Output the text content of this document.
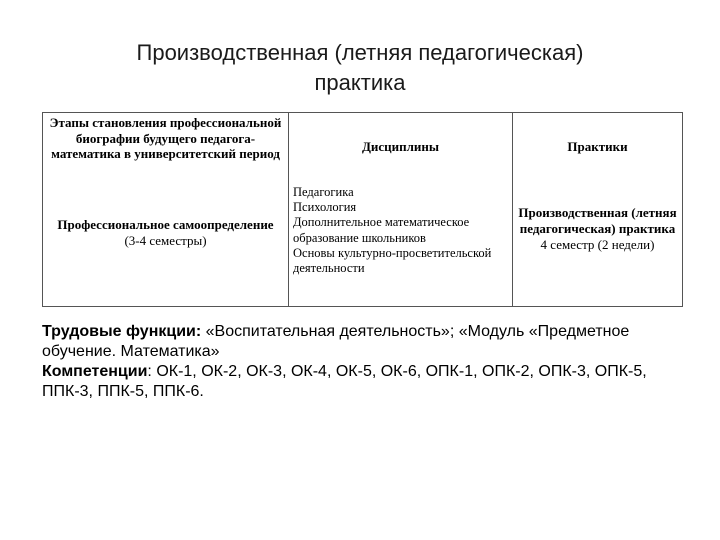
Производственная (летняя педагогическая)
практика
Этапы становления профессиональной биографии будущего педагога-математика в университетский период
Профессиональное самоопределение
(3-4 семестры)
Дисциплины
Педагогика
Психология
Дополнительное математическое образование школьников
Основы культурно-просветительской деятельности
Практики
Производственная (летняя педагогическая) практика
4 семестр (2 недели)

Трудовые функции: «Воспитательная деятельность»; «Модуль «Предметное обучение. Математика»

Компетенции: ОК-1, ОК-2, ОК-3, ОК-4, ОК-5, ОК-6, ОПК-1, ОПК-2, ОПК-3, ОПК-5, ППК-3, ППК-5, ППК-6.
